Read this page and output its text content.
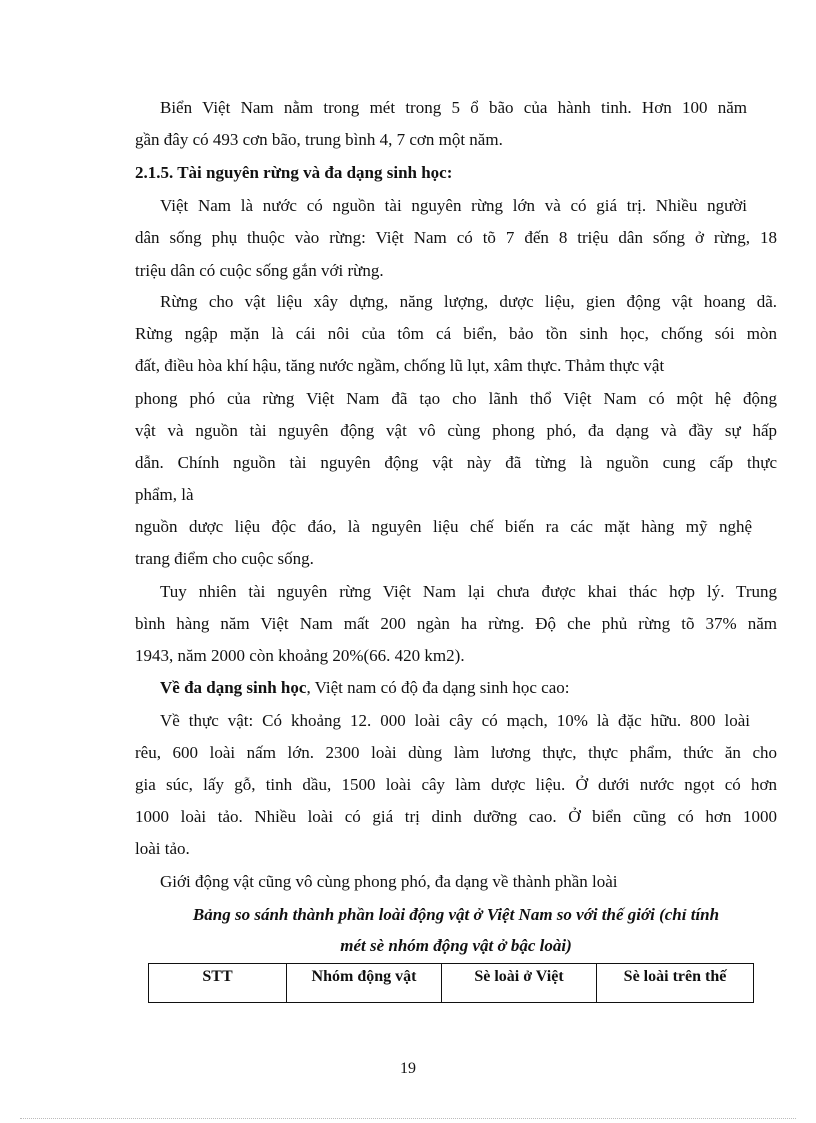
Biển Việt Nam nằm trong mét trong 5 ổ bão của hành tinh. Hơn 100 năm
gần đây có 493 cơn bão, trung bình 4, 7 cơn một năm.
2.1.5. Tài nguyên rừng và đa dạng sinh học:
Việt Nam là nước có nguồn tài nguyên rừng lớn và có giá trị. Nhiều người
dân sống phụ thuộc vào rừng: Việt Nam có tõ 7 đến 8 triệu dân sống ở rừng, 18
triệu dân có cuộc sống gắn với rừng.
Rừng cho vật liệu xây dựng, năng lượng, dược liệu, gien động vật hoang dã.
Rừng ngập mặn là cái nôi của tôm cá biển, bảo tồn sinh học, chống sói mòn
đất, điều hòa khí hậu, tăng nước ngầm, chống lũ lụt, xâm thực. Thảm thực vật
phong phó của rừng Việt Nam đã tạo cho lãnh thổ Việt Nam có một hệ động
vật và nguồn tài nguyên động vật vô cùng phong phó, đa dạng và đầy sự hấp
dẫn. Chính nguồn tài nguyên động vật này đã từng là nguồn cung cấp thực
phẩm, là
nguồn dược liệu độc đáo, là nguyên liệu chế biến ra các mặt hàng mỹ nghệ
trang điểm cho cuộc sống.
Tuy nhiên tài nguyên rừng Việt Nam lại chưa được khai thác hợp lý. Trung
bình hàng năm Việt Nam mất 200 ngàn ha rừng. Độ che phủ rừng tõ 37% năm
1943, năm 2000 còn khoảng 20%(66. 420 km2).
Về đa dạng sinh học, Việt nam có độ đa dạng sinh học cao:
Về thực vật: Có khoảng 12. 000 loài cây có mạch, 10% là đặc hữu. 800 loài
rêu, 600 loài nấm lớn. 2300 loài dùng làm lương thực, thực phẩm, thức ăn cho
gia súc, lấy gỗ, tinh dầu, 1500 loài cây làm dược liệu. Ở dưới nước ngọt có hơn
1000 loài tảo. Nhiều loài có giá trị dinh dưỡng cao. Ở biển cũng có hơn 1000
loài tảo.
Giới động vật cũng vô cùng phong phó, đa dạng về thành phần loài
Bảng so sánh thành phần loài động vật ở Việt Nam so với thế giới (chỉ tính
mét sè nhóm động vật ở bậc loài)
STT	Nhóm động vật	Sè loài ở Việt	Sè loài trên thế
19
